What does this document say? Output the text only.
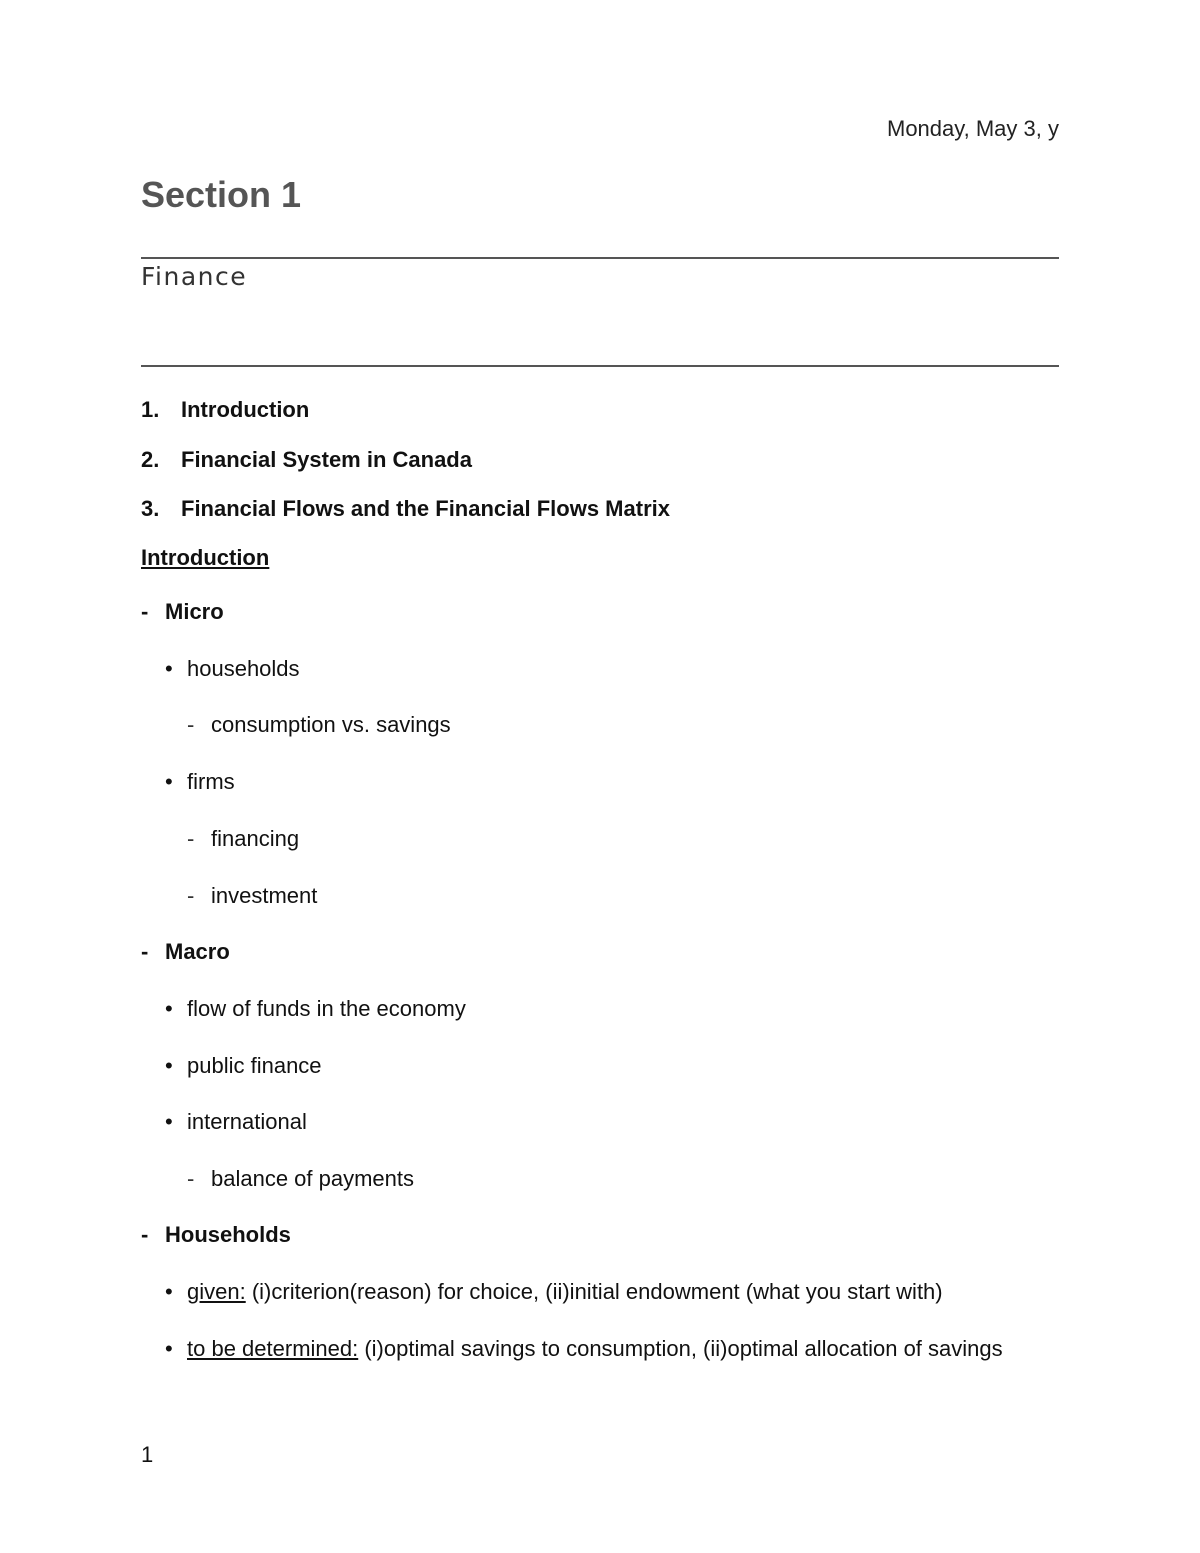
Monday, May 3, y
Section 1
Finance
1. Introduction
2. Financial System in Canada
3. Financial Flows and the Financial Flows Matrix
Introduction
- Micro
• households
- consumption vs. savings
• firms
- financing
- investment
- Macro
• flow of funds in the economy
• public finance
• international
- balance of payments
- Households
• given: (i)criterion(reason) for choice, (ii)initial endowment (what you start with)
• to be determined: (i)optimal savings to consumption, (ii)optimal allocation of savings
1
